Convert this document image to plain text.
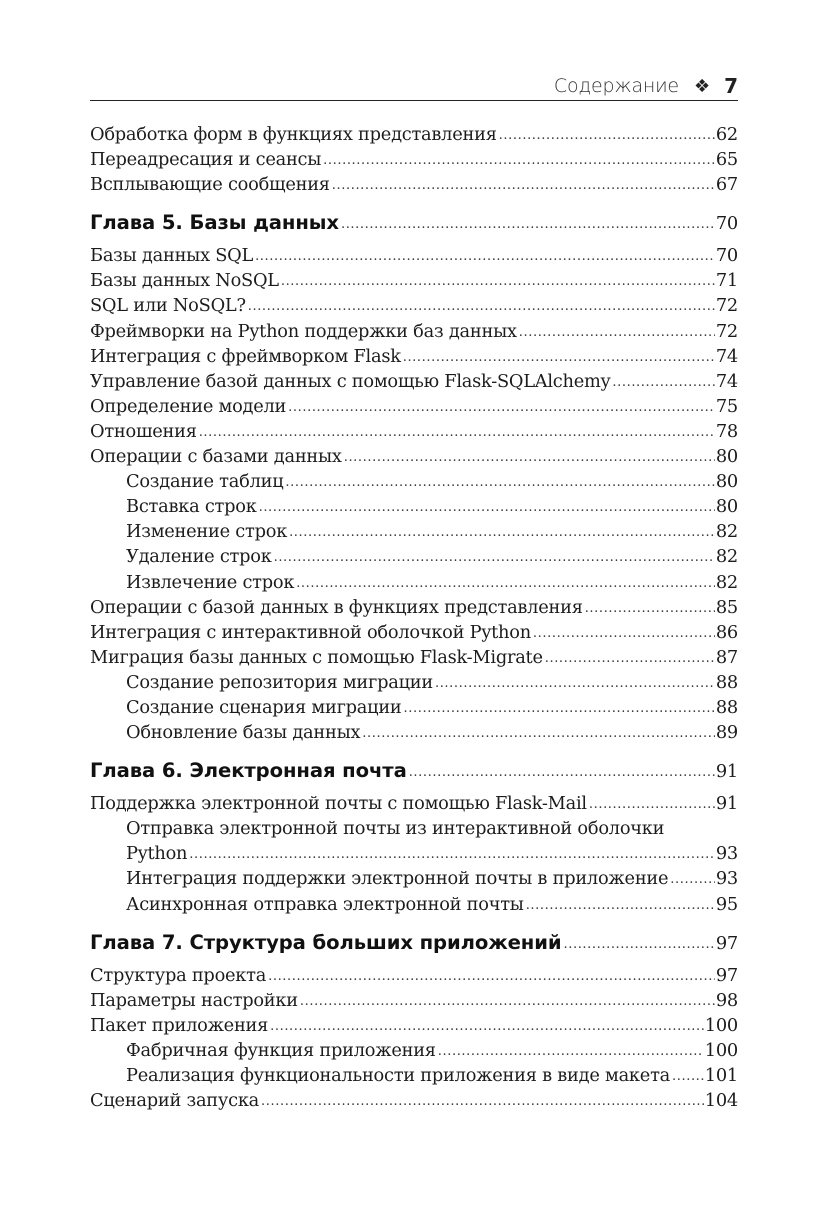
Содержание ❖ 7
Обработка форм в функциях представления .....	62
Переадресация и сеансы .....	65
Всплывающие сообщения .....	67
Глава 5. Базы данных .....	70
Базы данных SQL .....	70
Базы данных NoSQL .....	71
SQL или NoSQL? .....	72
Фреймворки на Python поддержки баз данных .....	72
Интеграция с фреймворком Flask .....	74
Управление базой данных с помощью Flask-SQLAlchemy .....	74
Определение модели .....	75
Отношения .....	78
Операции с базами данных .....	80
Создание таблиц .....	80
Вставка строк .....	80
Изменение строк .....	82
Удаление строк .....	82
Извлечение строк .....	82
Операции с базой данных в функциях представления .....	85
Интеграция с интерактивной оболочкой Python .....	86
Миграция базы данных с помощью Flask-Migrate .....	87
Создание репозитория миграции .....	88
Создание сценария миграции .....	88
Обновление базы данных .....	89
Глава 6. Электронная почта .....	91
Поддержка электронной почты с помощью Flask-Mail .....	91
Отправка электронной почты из интерактивной оболочки
Python .....	93
Интеграция поддержки электронной почты в приложение .....	93
Асинхронная отправка электронной почты .....	95
Глава 7. Структура больших приложений .....	97
Структура проекта .....	97
Параметры настройки .....	98
Пакет приложения .....	100
Фабричная функция приложения .....	100
Реализация функциональности приложения в виде макета ..... 101
Сценарий запуска .....	104
